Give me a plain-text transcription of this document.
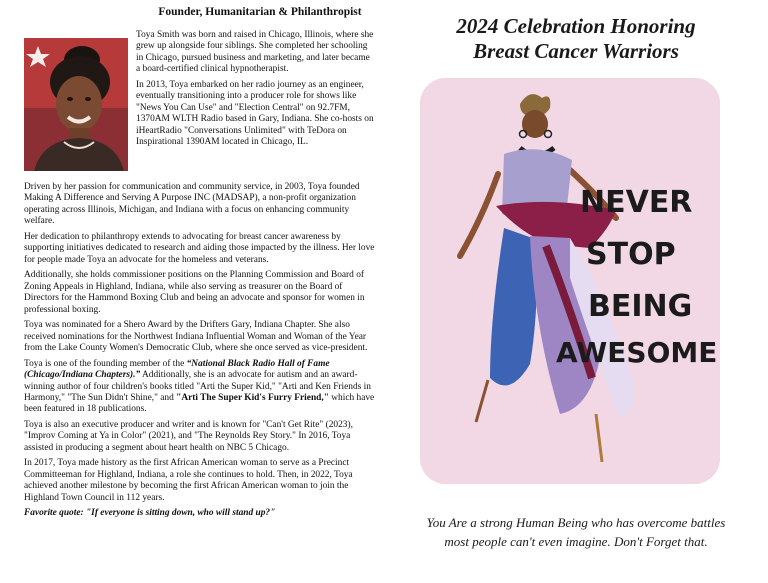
Founder, Humanitarian & Philanthropist

Toya Smith was born and raised in Chicago, Illinois, where she grew up alongside four siblings. She completed her schooling in Chicago, pursued business and marketing, and later became a board-certified clinical hypnotherapist.

In 2013, Toya embarked on her radio journey as an engineer, eventually transitioning into a producer role for shows like "News You Can Use" and "Election Central" on 92.7FM, 1370AM WLTH Radio based in Gary, Indiana. She co-hosts on iHeartRadio "Conversations Unlimited" with TeDora on Inspirational 1390AM located in Chicago, IL.

Driven by her passion for communication and community service, in 2003, Toya founded Making A Difference and Serving A Purpose INC (MADSAP), a non-profit organization operating across Illinois, Michigan, and Indiana with a focus on enhancing community welfare.

Her dedication to philanthropy extends to advocating for breast cancer awareness by supporting initiatives dedicated to research and aiding those impacted by the illness. Her love for people made Toya an advocate for the homeless and veterans.

Additionally, she holds commissioner positions on the Planning Commission and Board of Zoning Appeals in Highland, Indiana, while also serving as treasurer on the Board of Directors for the Hammond Boxing Club and being an advocate and sponsor for women in professional boxing.

Toya was nominated for a Shero Award by the Drifters Gary, Indiana Chapter. She also received nominations for the Northwest Indiana Influential Woman and Woman of the Year from the Lake County Women's Democratic Club, where she once served as vice-president.

Toya is one of the founding member of the “National Black Radio Hall of Fame (Chicago/Indiana Chapters).” Additionally, she is an advocate for autism and an award-winning author of four children's books titled "Arti the Super Kid," "Arti and Ken Friends in Harmony," "The Sun Didn't Shine," and "Arti The Super Kid's Furry Friend," which have been featured in 18 publications.

Toya is also an executive producer and writer and is known for "Can't Get Rite" (2023), "Improv Coming at Ya in Color" (2021), and "The Reynolds Rey Story." In 2016, Toya assisted in producing a segment about heart health on NBC 5 Chicago.

In 2017, Toya made history as the first African American woman to serve as a Precinct Committeeman for Highland, Indiana, a role she continues to hold. Then, in 2022, Toya achieved another milestone by becoming the first African American woman to join the Highland Town Council in 112 years.

Favorite quote: "If everyone is sitting down, who will stand up?"

2024 Celebration Honoring
Breast Cancer Warriors
NEVER
STOP
BEING
AWESOME
You Are a strong Human Being who has overcome battles
most people can't even imagine. Don't Forget that.
